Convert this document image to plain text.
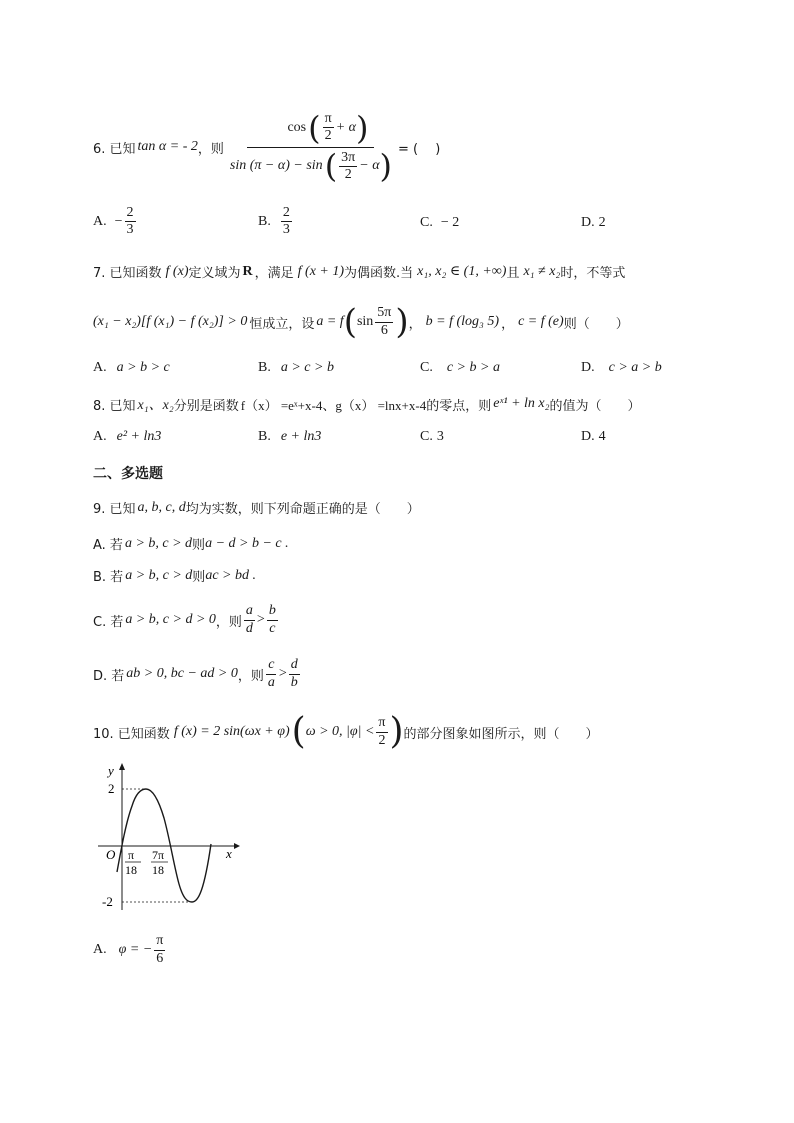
6. 已知 tan α = - 2 ，则
cos ( $\frac{\pi}{2} + \alpha$ )
sin (π − α) − sin ( $\frac{3\pi}{2} - \alpha$ ) = (　 )
A. − $\frac{2}{3}$	B. $\frac{2}{3}$	C. − 2	D. 2
7. 已知函数 f (x) 定义域为 R ，满足 f (x + 1) 为偶函数.当 x₁, x₂ ∈ (1, +∞) 且 x₁ ≠ x₂ 时，不等式
(x₁ − x₂)[f (x₁) − f (x₂)] > 0 恒成立，设 a = f ( $\sin \frac{5\pi}{6}$ ) ， b = f (log₃ 5) ， c = f (e) 则（　　）
A. a > b > c	B. a > c > b	C. c > b > a	D. c > a > b
8. 已知 x₁、x₂ 分别是函数 f（x） =eˣ+x-4、g（x） =lnx+x-4 的零点，则 eˣ¹ + ln x₂ 的值为（　　）
A. e² + ln3	B. e + ln3	C. 3	D. 4
二、多选题
9. 已知 a, b, c, d 均为实数，则下列命题正确的是（　　）
A. 若 a > b, c > d 则 a − d > b − c .
B. 若 a > b, c > d 则 ac > bd .
C. 若 a > b, c > d > 0 ，则 $\frac{a}{d} > \frac{b}{c}$
D. 若 ab > 0, bc − ad > 0 ，则 $\frac{c}{a} > \frac{d}{b}$
10. 已知函数 f (x) = 2 sin(ωx + φ) ( ω > 0, $|\varphi| < \frac{\pi}{2}$ ) 的部分图象如图所示，则（　　）
y
x
O
2
-2
π
18
7π
18
A. φ = − $\frac{\pi}{6}$
